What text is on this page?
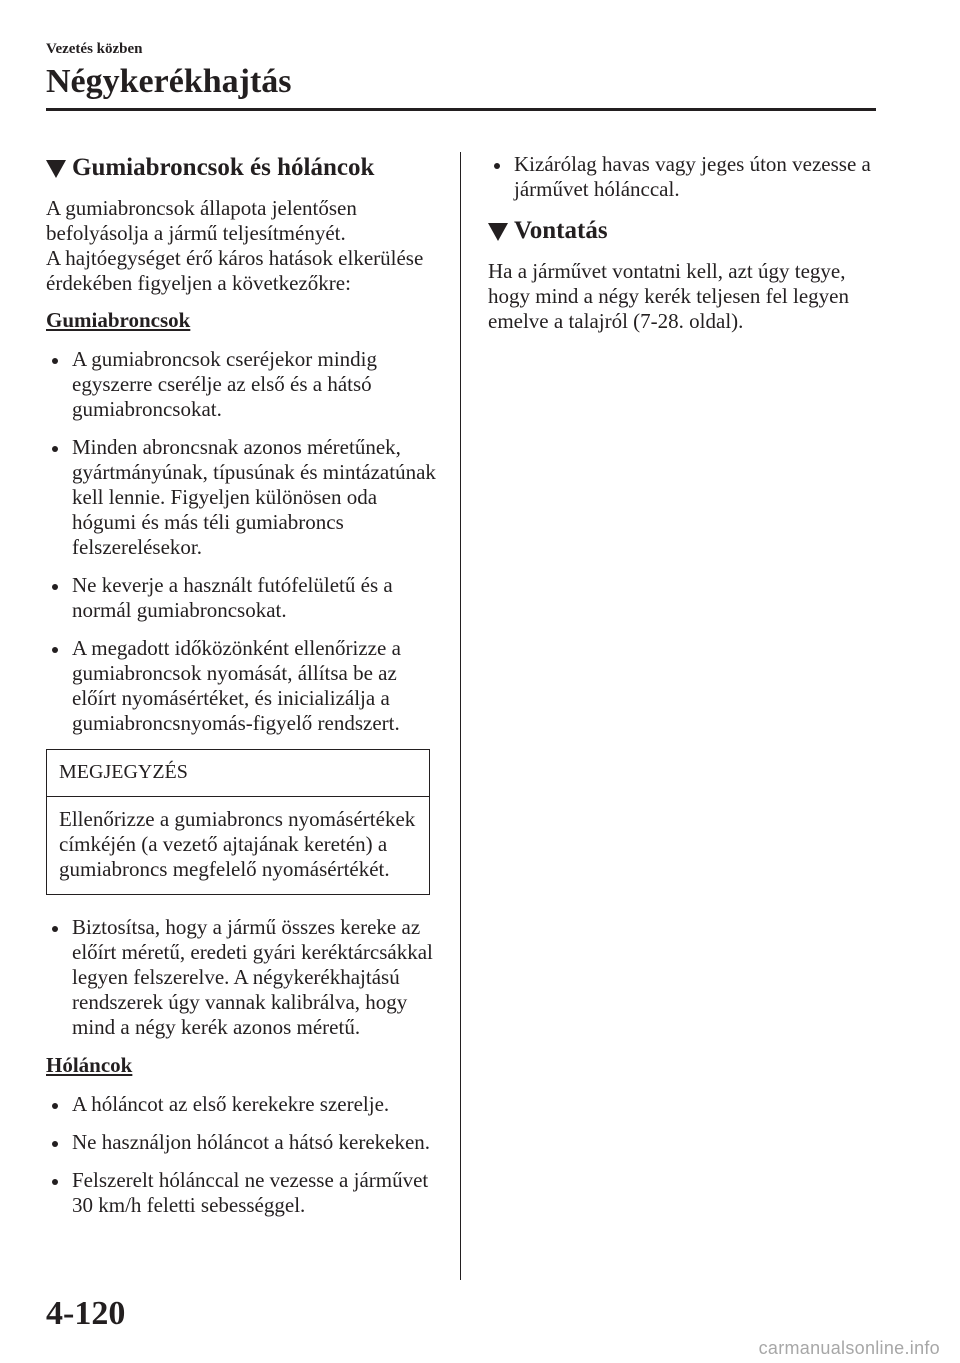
Vezetés közben
Négykerékhajtás
Gumiabroncsok és hóláncok

A gumiabroncsok állapota jelentősen befolyásolja a jármű teljesítményét.
A hajtóegységet érő káros hatások elkerülése érdekében figyeljen a következőkre:

Gumiabroncsok
A gumiabroncsok cseréjekor mindig egyszerre cserélje az első és a hátsó gumiabroncsokat.
Minden abroncsnak azonos méretűnek, gyártmányúnak, típusúnak és mintázatúnak kell lennie. Figyeljen különösen oda hógumi és más téli gumiabroncs felszerelésekor.
Ne keverje a használt futófelületű és a normál gumiabroncsokat.
A megadott időközönként ellenőrizze a gumiabroncsok nyomását, állítsa be az előírt nyomásértéket, és inicializálja a gumiabroncsnyomás-figyelő rendszert.
MEGJEGYZÉS
Ellenőrizze a gumiabroncs nyomásértékek címkéjén (a vezető ajtajának keretén) a gumiabroncs megfelelő nyomásértékét.
Biztosítsa, hogy a jármű összes kereke az előírt méretű, eredeti gyári keréktárcsákkal legyen felszerelve. A négykerékhajtású rendszerek úgy vannak kalibrálva, hogy mind a négy kerék azonos méretű.
Hóláncok
A hóláncot az első kerekekre szerelje.
Ne használjon hóláncot a hátsó kerekeken.
Felszerelt hólánccal ne vezesse a járművet 30 km/h feletti sebességgel.
Kizárólag havas vagy jeges úton vezesse a járművet hólánccal.
Vontatás

Ha a járművet vontatni kell, azt úgy tegye, hogy mind a négy kerék teljesen fel legyen emelve a talajról (7-28. oldal).

4-120
carmanualsonline.info
